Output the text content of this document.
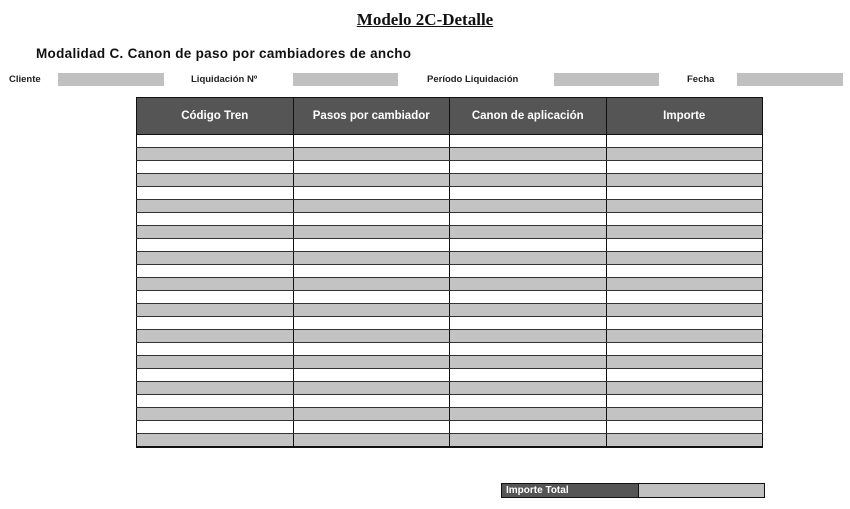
Modelo 2C-Detalle
Modalidad C. Canon de paso por cambiadores de ancho
Cliente	Liquidación Nº	Período Liquidación	Fecha
Código Tren	Pasos por cambiador	Canon de aplicación	Importe

Importe Total
